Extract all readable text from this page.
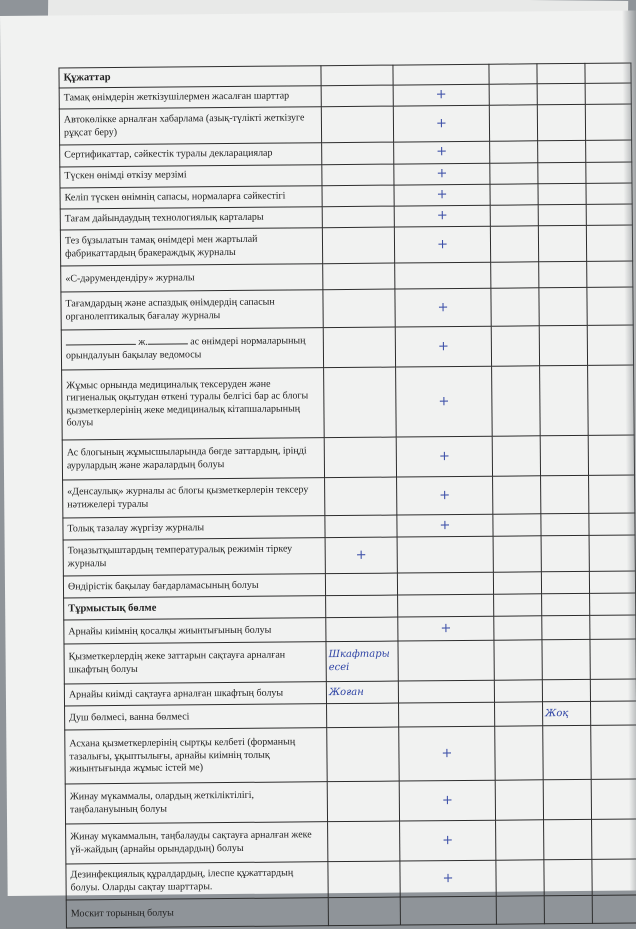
Құжаттар					
Тамақ өнімдерін жеткізушілермен жасалған шарттар		+			
Автокөлікке арналған хабарлама (азық-түлікті жеткізуге рұқсат беру)		+			
Сертификаттар, сәйкестік туралы декларациялар		+			
Түскен өнімді өткізу мерзімі		+			
Келіп түскен өнімнің сапасы, нормаларға сәйкестігі		+			
Тағам дайындаудың технологиялық карталары		+			
Тез бұзылатын тамақ өнімдері мен жартылай фабрикаттардың бракераждық журналы		+			
«С-дәрумендендіру» журналы					
Тағамдардың және аспаздық өнімдердің сапасын органолептикалық бағалау журналы		+			
ж. ас өнімдері нормаларының орындалуын бақылау ведомосы		+			
Жұмыс орнында медициналық тексеруден және гигиеналық оқытудан өткені туралы белгісі бар ас блогы қызметкерлерінің жеке медициналық кітапшаларының болуы		+			
Ас блогының жұмысшыларында бөгде заттардың, іріңді аурулардың және жаралардың болуы		+			
«Денсаулық» журналы ас блогы қызметкерлерін тексеру нәтижелері туралы		+			
Толық тазалау жүргізу журналы		+			
Тоңазытқыштардың температуралық режимін тіркеу журналы	+				
Өндірістік бақылау бағдарламасының болуы					
Тұрмыстық бөлме					
Арнайы киімнің қосалқы жиынтығының болуы		+			
Қызметкерлердің жеке заттарын сақтауға арналған шкафтың болуы	Шкафтары есеі				
Арнайы киімді сақтауға арналған шкафтың болуы	Жоған				
Душ бөлмесі, ванна бөлмесі				Жоқ	
Асхана қызметкерлерінің сыртқы келбеті (форманың тазалығы, ұқыптылығы, арнайы киімнің толық жиынтығында жұмыс істей ме)		+			
Жинау мүкаммалы, олардың жеткіліктілігі, таңбалануының болуы		+			
Жинау мүкаммалын, таңбалауды сақтауға арналған жеке үй-жайдың (арнайы орындардың) болуы		+			
Дезинфекциялық құралдардың, ілеспе құжаттардың болуы. Оларды сақтау шарттары.		+			
Москит торының болуы					
